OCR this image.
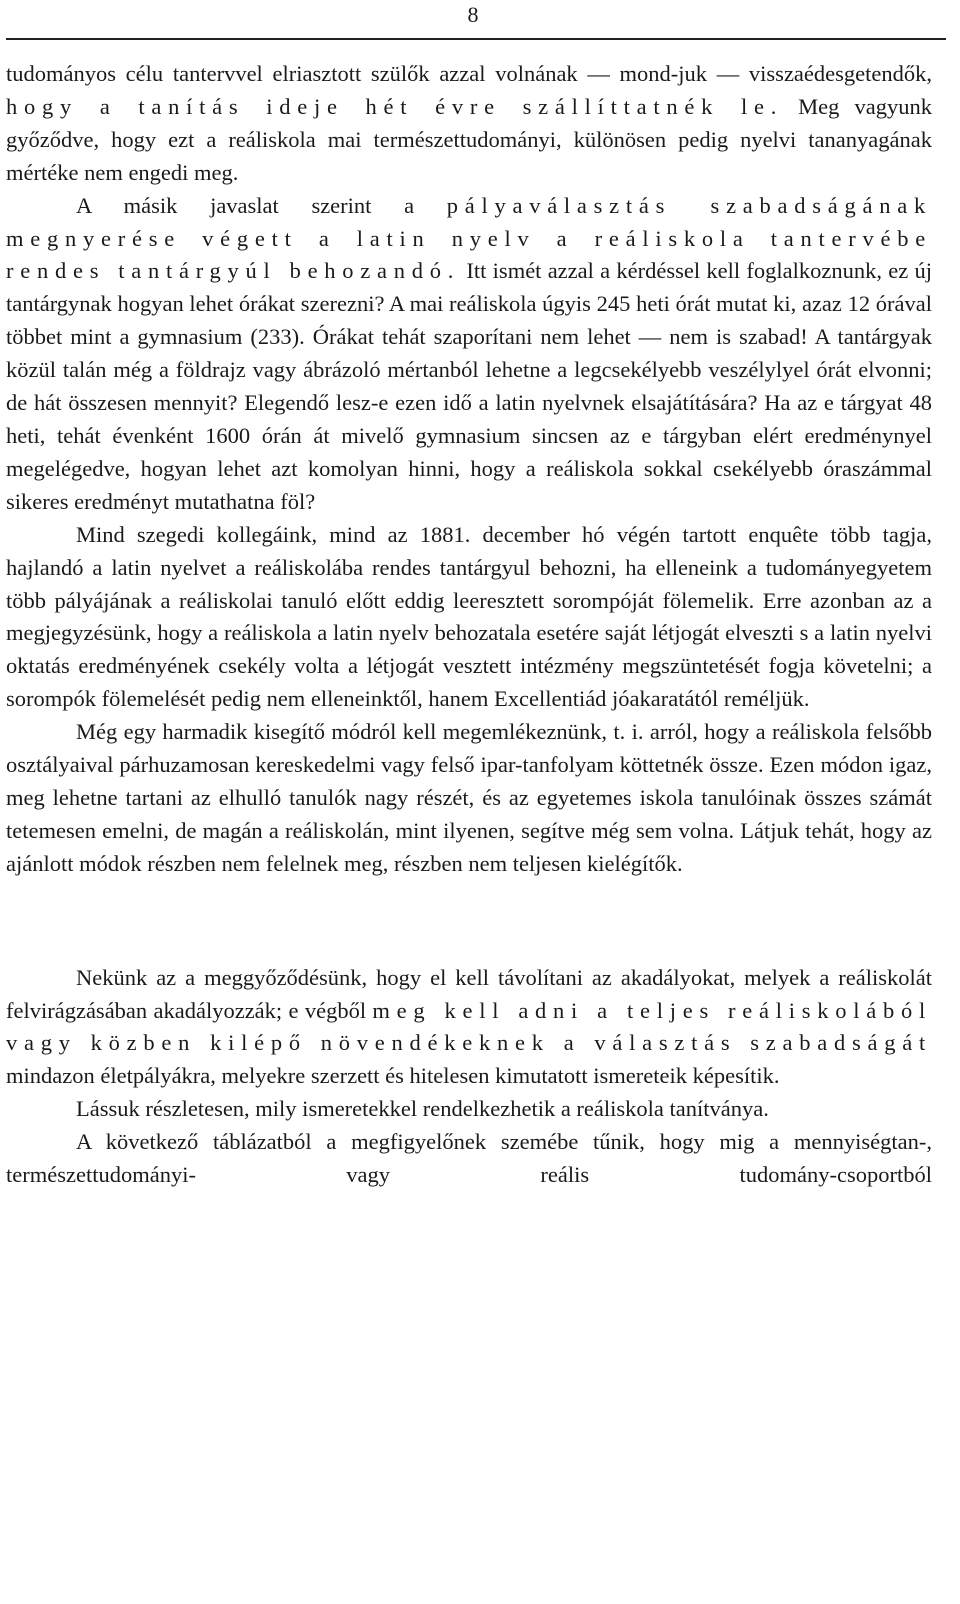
8

tudományos célu tantervvel elriasztott szülők azzal volnának — mond-juk — visszaédesgetendők, hogy a tanítás ideje hét évre szállíttatnék le. Meg vagyunk győződve, hogy ezt a reáliskola mai természettudományi, különösen pedig nyelvi tananyagának mértéke nem engedi meg.

A másik javaslat szerint a pályaválasztás szabadságának megnyerése végett a latin nyelv a reáliskola tantervébe rendes tantárgyúl behozandó. Itt ismét azzal a kérdéssel kell foglalkoznunk, ez új tantárgynak hogyan lehet órákat szerezni? A mai reáliskola úgyis 245 heti órát mutat ki, azaz 12 órával többet mint a gymnasium (233). Órákat tehát szaporítani nem lehet — nem is szabad! A tantárgyak közül talán még a földrajz vagy ábrázoló mértanból lehetne a legcsekélyebb veszélylyel órát elvonni; de hát összesen mennyit? Elegendő lesz-e ezen idő a latin nyelvnek elsajátítására? Ha az e tárgyat 48 heti, tehát évenként 1600 órán át mivelő gymnasium sincsen az e tárgyban elért eredménynyel megelégedve, hogyan lehet azt komolyan hinni, hogy a reáliskola sokkal csekélyebb óraszámmal sikeres eredményt mutathatna föl?

Mind szegedi kollegáink, mind az 1881. december hó végén tartott enquête több tagja, hajlandó a latin nyelvet a reáliskolába rendes tantárgyul behozni, ha elleneink a tudományegyetem több pályájának a reáliskolai tanuló előtt eddig leeresztett sorompóját fölemelik. Erre azonban az a megjegyzésünk, hogy a reáliskola a latin nyelv behozatala esetére saját létjogát elveszti s a latin nyelvi oktatás eredményének csekély volta a létjogát vesztett intézmény megszüntetését fogja követelni; a sorompók fölemelését pedig nem elleneinktől, hanem Excellentiád jóakaratától reméljük.

Még egy harmadik kisegítő módról kell megemlékeznünk, t. i. arról, hogy a reáliskola felsőbb osztályaival párhuzamosan kereskedelmi vagy felső ipar-tanfolyam köttetnék össze. Ezen módon igaz, meg lehetne tartani az elhulló tanulók nagy részét, és az egyetemes iskola tanulóinak összes számát tetemesen emelni, de magán a reáliskolán, mint ilyenen, segítve még sem volna. Látjuk tehát, hogy az ajánlott módok részben nem felelnek meg, részben nem teljesen kielégítők.

Nekünk az a meggyőződésünk, hogy el kell távolítani az akadályokat, melyek a reáliskolát felvirágzásában akadályozzák; e végből meg kell adni a teljes reáliskolából vagy közben kilépő növendékeknek a választás szabadságát mindazon életpályákra, melyekre szerzett és hitelesen kimutatott ismereteik képesítik.

Lássuk részletesen, mily ismeretekkel rendelkezhetik a reáliskola tanítványa.

A következő táblázatból a megfigyelőnek szemébe tűnik, hogy mig a mennyiségtan-, természettudományi- vagy reális tudomány-csoportból
